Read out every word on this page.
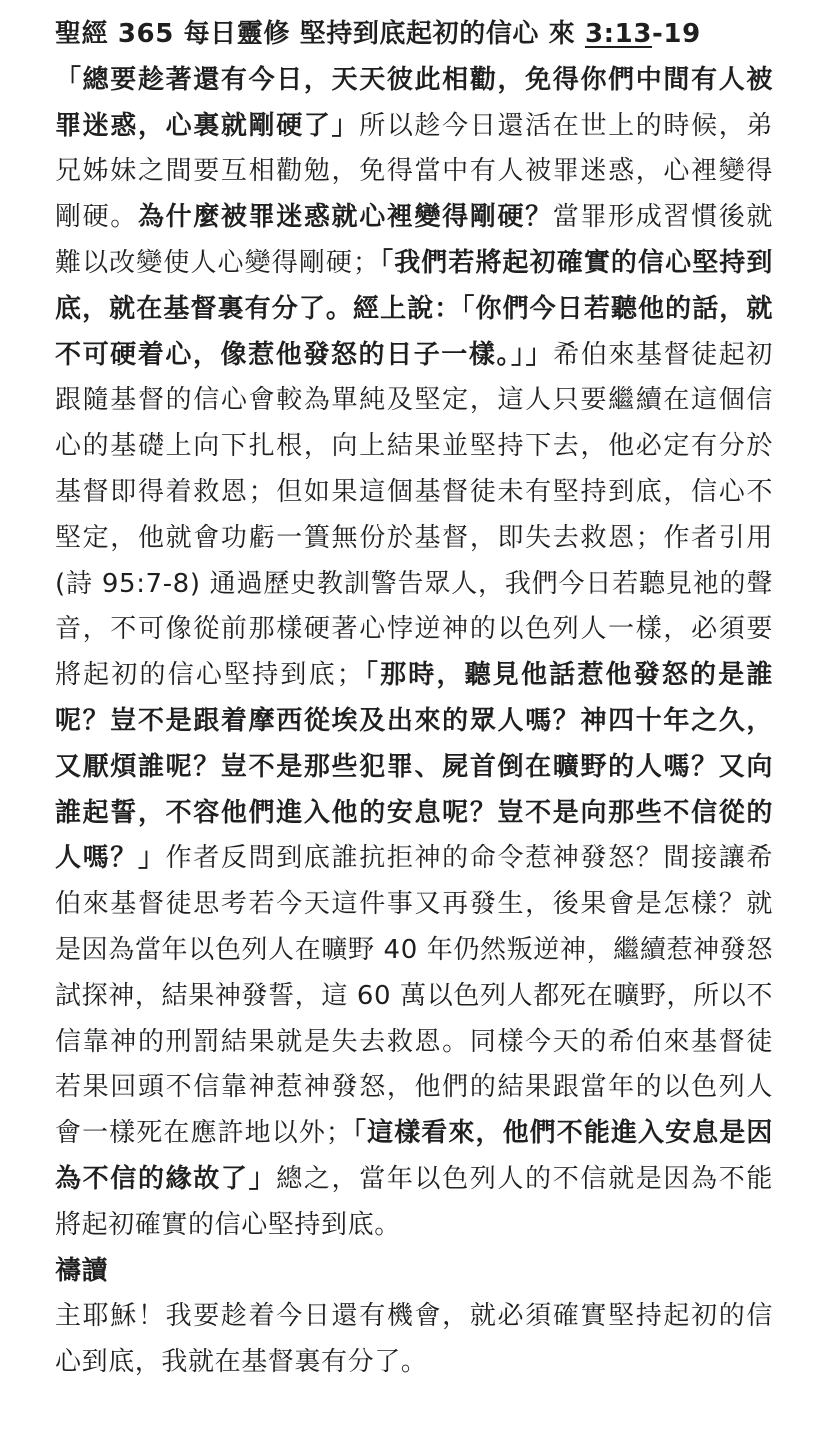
聖經 365 每日靈修 堅持到底起初的信心 來 3:13-19

「總要趁著還有今日，天天彼此相勸，免得你們中間有人被罪迷惑，心裏就剛硬了」所以趁今日還活在世上的時候，弟兄姊妹之間要互相勸勉，免得當中有人被罪迷惑，心裡變得剛硬。為什麼被罪迷惑就心裡變得剛硬？當罪形成習慣後就難以改變使人心變得剛硬；「我們若將起初確實的信心堅持到底，就在基督裏有分了。經上說：「你們今日若聽他的話，就不可硬着心，像惹他發怒的日子一樣。」」希伯來基督徒起初跟隨基督的信心會較為單純及堅定，這人只要繼續在這個信心的基礎上向下扎根，向上結果並堅持下去，他必定有分於基督即得着救恩；但如果這個基督徒未有堅持到底，信心不堅定，他就會功虧一簣無份於基督，即失去救恩；作者引用 (詩 95:7-8) 通過歷史教訓警告眾人，我們今日若聽見祂的聲音，不可像從前那樣硬著心悖逆神的以色列人一樣，必須要將起初的信心堅持到底；「那時，聽見他話惹他發怒的是誰呢？豈不是跟着摩西從埃及出來的眾人嗎？神四十年之久，又厭煩誰呢？豈不是那些犯罪、屍首倒在曠野的人嗎？又向誰起誓，不容他們進入他的安息呢？豈不是向那些不信從的人嗎？」作者反問到底誰抗拒神的命令惹神發怒？間接讓希伯來基督徒思考若今天這件事又再發生，後果會是怎樣？就是因為當年以色列人在曠野 40 年仍然叛逆神，繼續惹神發怒試探神，結果神發誓，這 60 萬以色列人都死在曠野，所以不信靠神的刑罰結果就是失去救恩。同樣今天的希伯來基督徒若果回頭不信靠神惹神發怒，他們的結果跟當年的以色列人會一樣死在應許地以外；「這樣看來，他們不能進入安息是因為不信的緣故了」總之，當年以色列人的不信就是因為不能將起初確實的信心堅持到底。

禱讀

主耶穌！我要趁着今日還有機會，就必須確實堅持起初的信心到底，我就在基督裏有分了。
